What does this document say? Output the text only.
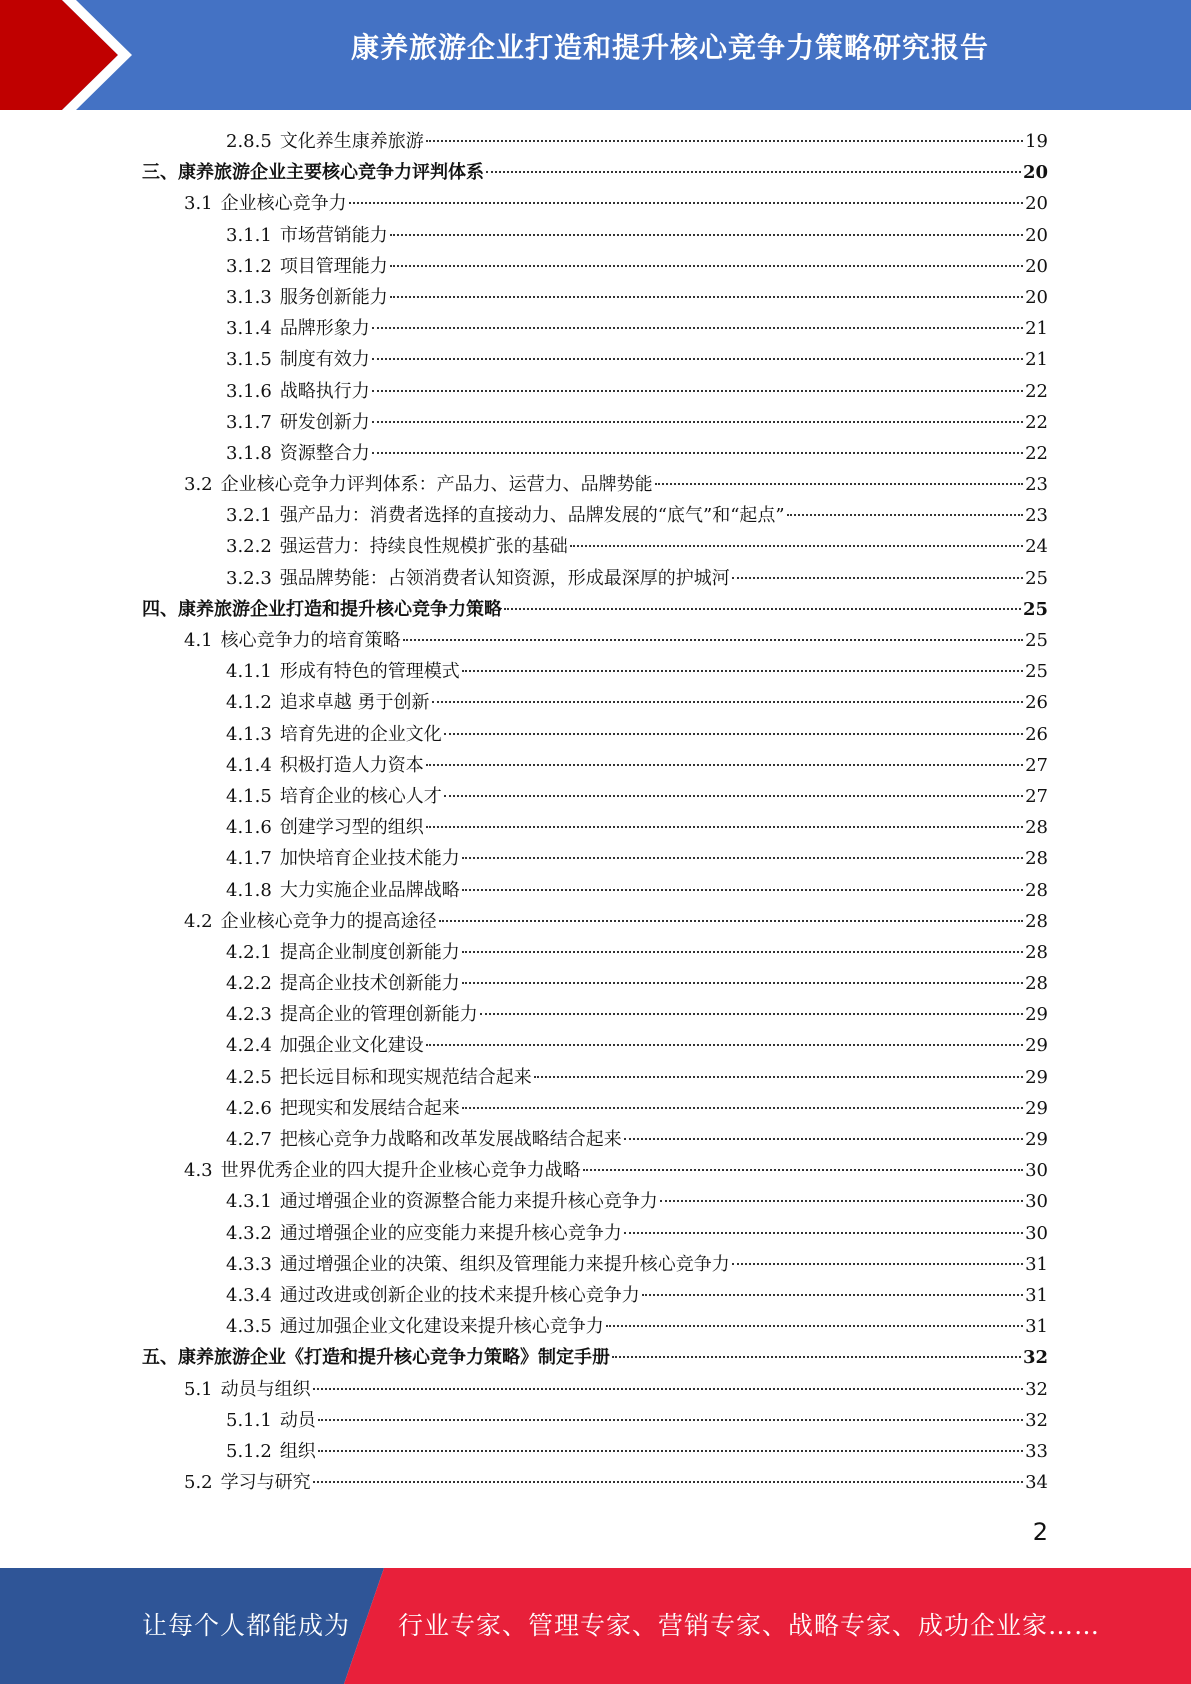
康养旅游企业打造和提升核心竞争力策略研究报告
2.8.5 文化养生康养旅游	19
三、康养旅游企业主要核心竞争力评判体系	20
3.1 企业核心竞争力	20
3.1.1 市场营销能力	20
3.1.2 项目管理能力	20
3.1.3 服务创新能力	20
3.1.4 品牌形象力	21
3.1.5 制度有效力	21
3.1.6 战略执行力	22
3.1.7 研发创新力	22
3.1.8 资源整合力	22
3.2 企业核心竞争力评判体系：产品力、运营力、品牌势能	23
3.2.1 强产品力：消费者选择的直接动力、品牌发展的“底气”和“起点”	23
3.2.2 强运营力：持续良性规模扩张的基础	24
3.2.3 强品牌势能：占领消费者认知资源，形成最深厚的护城河	25
四、康养旅游企业打造和提升核心竞争力策略	25
4.1 核心竞争力的培育策略	25
4.1.1 形成有特色的管理模式	25
4.1.2 追求卓越 勇于创新	26
4.1.3 培育先进的企业文化	26
4.1.4 积极打造人力资本	27
4.1.5 培育企业的核心人才	27
4.1.6 创建学习型的组织	28
4.1.7 加快培育企业技术能力	28
4.1.8 大力实施企业品牌战略	28
4.2 企业核心竞争力的提高途径	28
4.2.1 提高企业制度创新能力	28
4.2.2 提高企业技术创新能力	28
4.2.3 提高企业的管理创新能力	29
4.2.4 加强企业文化建设	29
4.2.5 把长远目标和现实规范结合起来	29
4.2.6 把现实和发展结合起来	29
4.2.7 把核心竞争力战略和改革发展战略结合起来	29
4.3 世界优秀企业的四大提升企业核心竞争力战略	30
4.3.1 通过增强企业的资源整合能力来提升核心竞争力	30
4.3.2 通过增强企业的应变能力来提升核心竞争力	30
4.3.3 通过增强企业的决策、组织及管理能力来提升核心竞争力	31
4.3.4 通过改进或创新企业的技术来提升核心竞争力	31
4.3.5 通过加强企业文化建设来提升核心竞争力	31
五、康养旅游企业《打造和提升核心竞争力策略》制定手册	32
5.1 动员与组织	32
5.1.1 动员	32
5.1.2 组织	33
5.2 学习与研究	34
2
让每个人都能成为 行业专家、管理专家、营销专家、战略专家、成功企业家……
